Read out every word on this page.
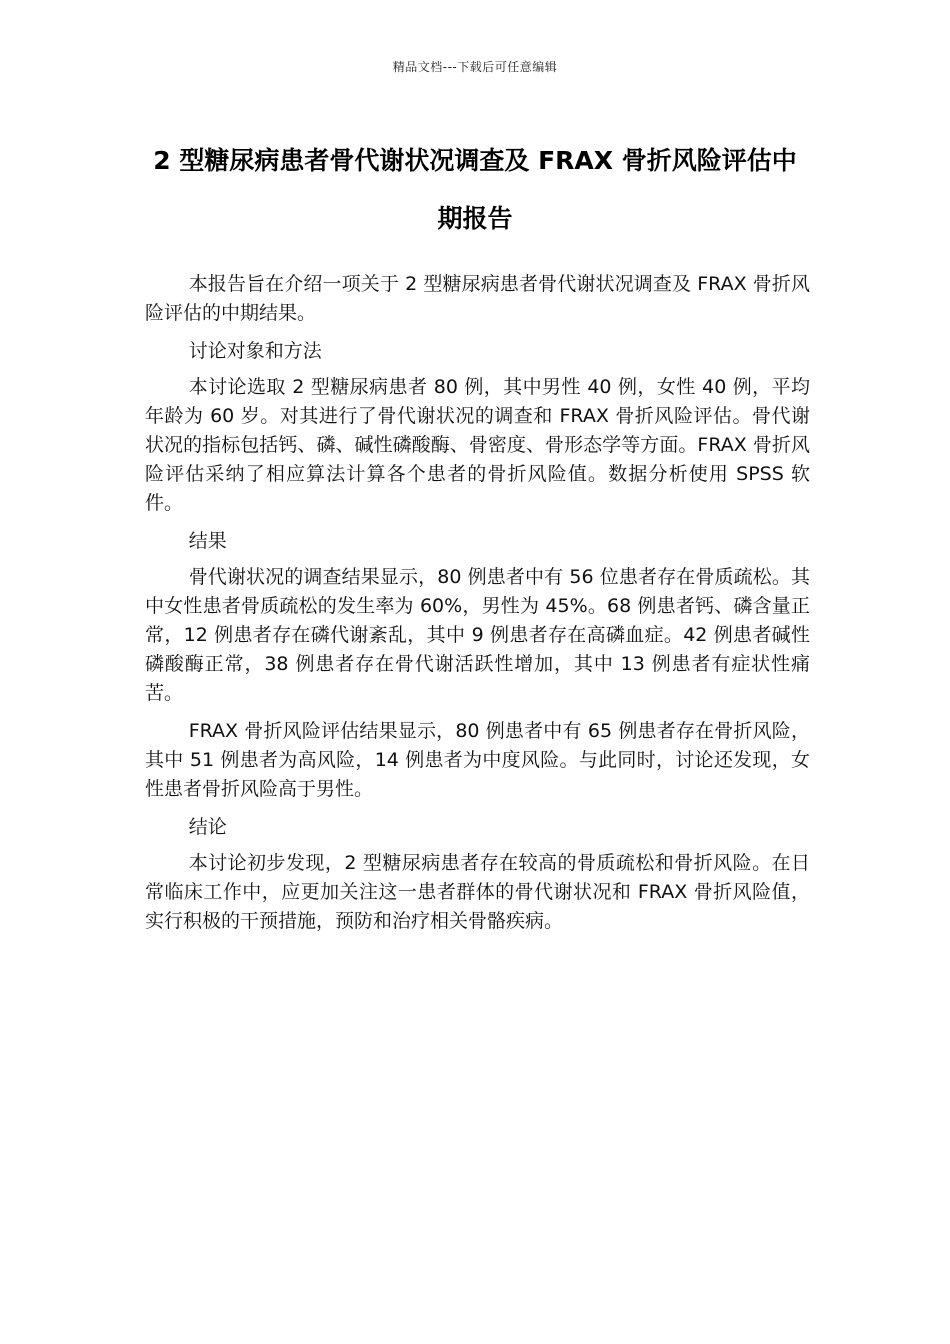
精品文档---下载后可任意编辑
2 型糖尿病患者骨代谢状况调查及 FRAX 骨折风险评估中期报告

本报告旨在介绍一项关于 2 型糖尿病患者骨代谢状况调查及 FRAX 骨折风险评估的中期结果。

讨论对象和方法

本讨论选取 2 型糖尿病患者 80 例，其中男性 40 例，女性 40 例，平均年龄为 60 岁。对其进行了骨代谢状况的调查和 FRAX 骨折风险评估。骨代谢状况的指标包括钙、磷、碱性磷酸酶、骨密度、骨形态学等方面。FRAX 骨折风险评估采纳了相应算法计算各个患者的骨折风险值。数据分析使用 SPSS 软件。

结果

骨代谢状况的调查结果显示，80 例患者中有 56 位患者存在骨质疏松。其中女性患者骨质疏松的发生率为 60%，男性为 45%。68 例患者钙、磷含量正常，12 例患者存在磷代谢紊乱，其中 9 例患者存在高磷血症。42 例患者碱性磷酸酶正常，38 例患者存在骨代谢活跃性增加，其中 13 例患者有症状性痛苦。

FRAX 骨折风险评估结果显示，80 例患者中有 65 例患者存在骨折风险，其中 51 例患者为高风险，14 例患者为中度风险。与此同时，讨论还发现，女性患者骨折风险高于男性。

结论

本讨论初步发现，2 型糖尿病患者存在较高的骨质疏松和骨折风险。在日常临床工作中，应更加关注这一患者群体的骨代谢状况和 FRAX 骨折风险值，实行积极的干预措施，预防和治疗相关骨骼疾病。
